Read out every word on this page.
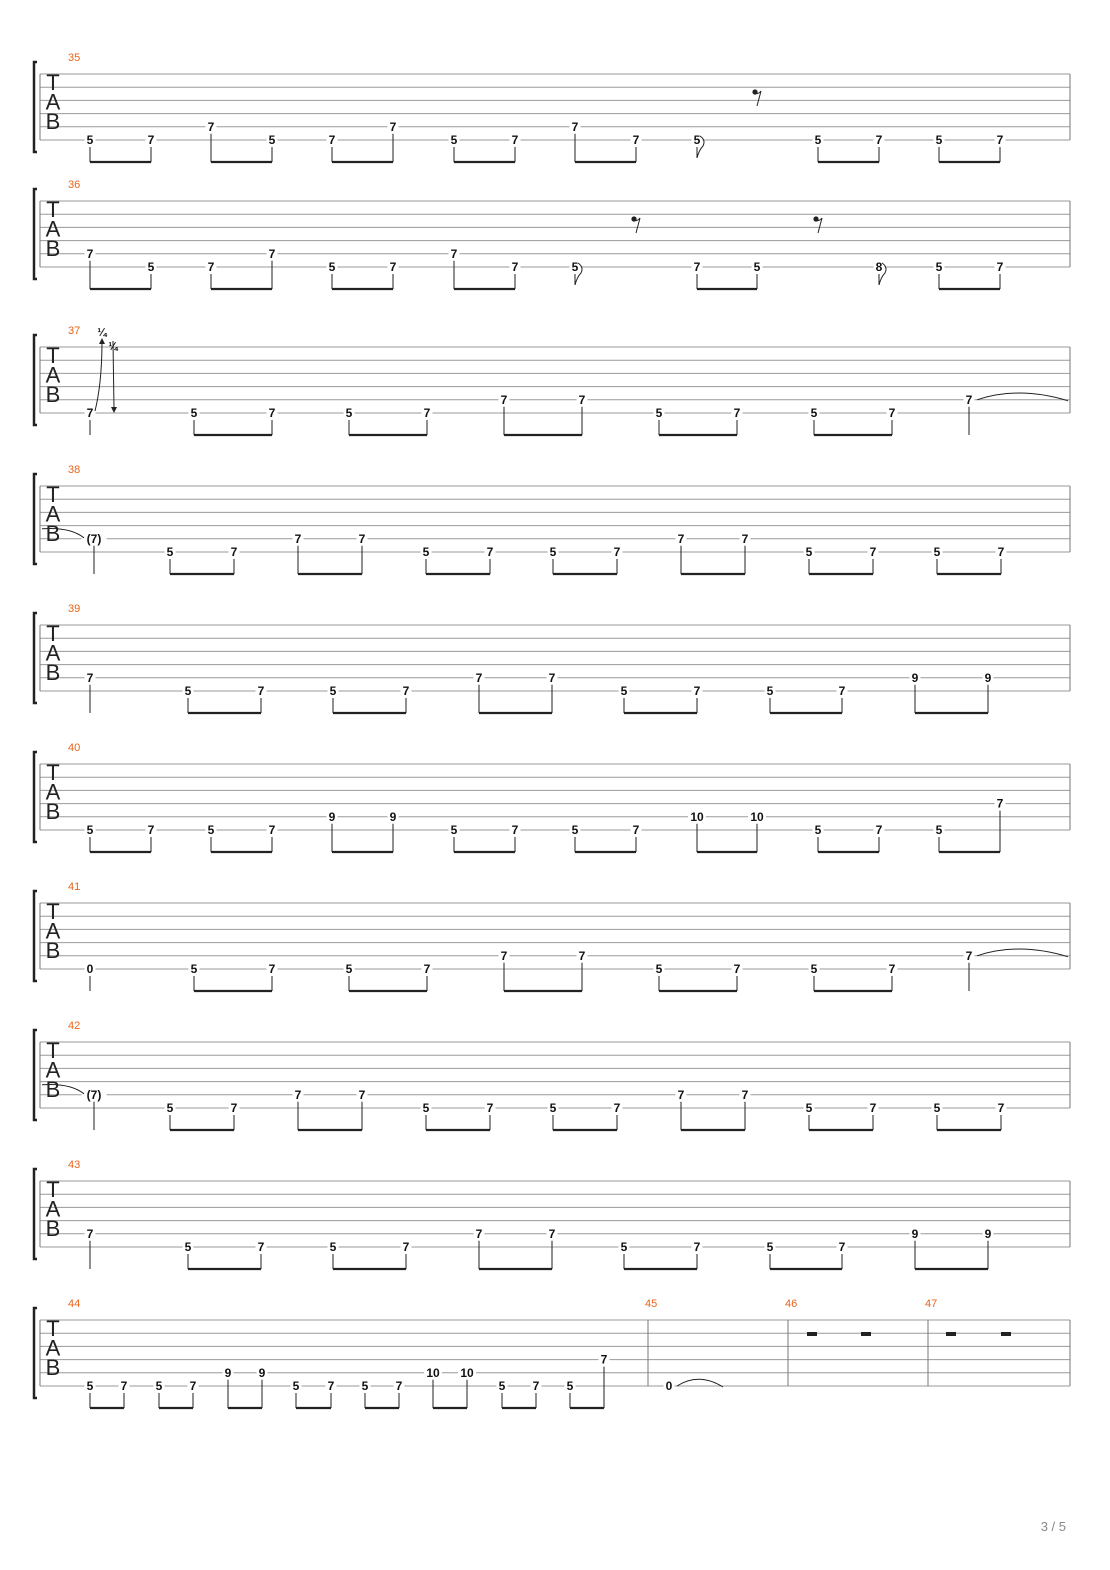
T
A
B
35
5	7
7
5	7
7
5	7
7
7	5	5	7	5	7
T
A
B
36
7
5	7
7
5	7
7
7	5	7	5	8	5	7
T
A
B
37
7
¼
¼
5	7	5	7
7	7
5	7	5	7
7
T
A
B
38
(7)
5	7
7	7
5	7	5	7
7	7
5	7	5	7
T
A
B
39
7
5	7	5	7
7	7
5	7	5	7
9	9
T
A
B
40
5	7	5	7
9	9
5	7	5	7
10	10
5	7	5
7
T
A
B
41
0	5	7	5	7
7	7
5	7	5	7
7
T
A
B
42
(7)
5	7
7	7
5	7	5	7
7	7
5	7	5	7
T
A
B
43
7
5	7	5	7
7	7
5	7	5	7
9	9
T
A
B
44
5 7 5 7
9 9
5 7 5 7
10 10
5 7 5
7
45
0
46	47
3 / 5
